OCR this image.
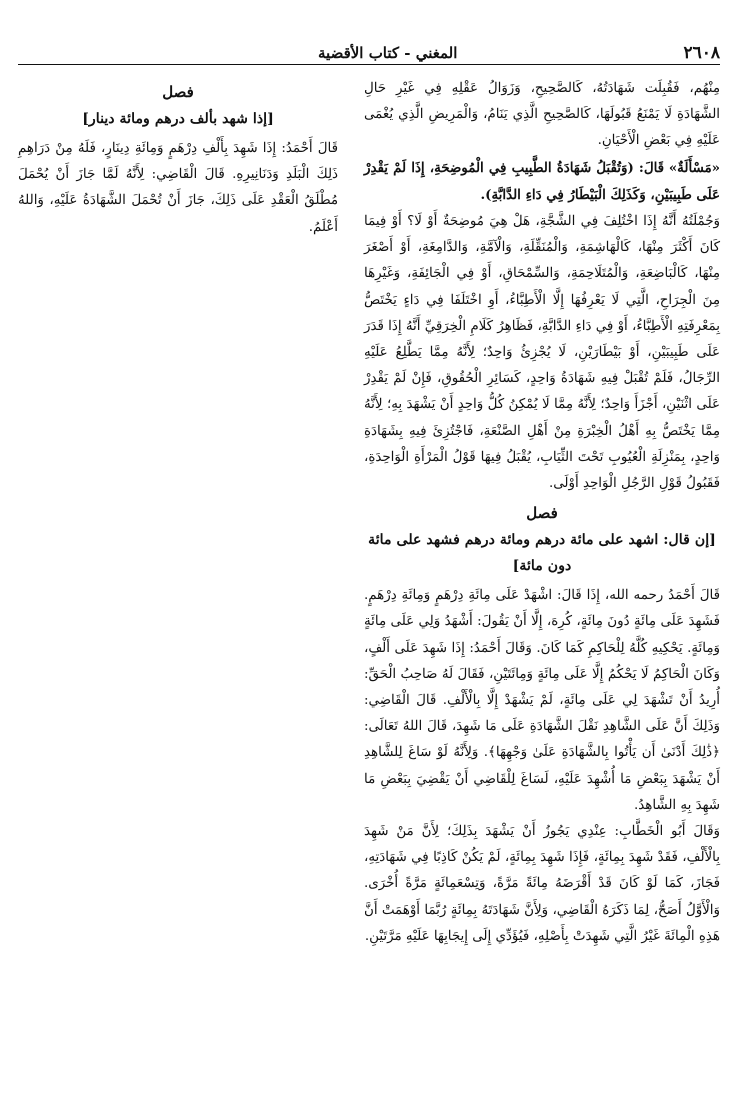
٢٦٠٨
المغني - كتاب الأقضية

مِنْهُم، فَقُبِلَت شَهَادَتُهُ، كَالصَّحِيحِ، وَزَوَالُ عَقْلِهِ فِي غَيْرِ حَالِ الشَّهَادَةِ لَا يَمْنَعُ قَبُولَهَا، كَالصَّحِيحِ الَّذِي يَنَامُ، وَالْمَرِيضِ الَّذِي يُغْمَى عَلَيْهِ فِي بَعْضِ الْأَحْيَانِ.

«مَسْأَلَةٌ» قَالَ: (وَتُقْبَلُ شَهَادَةُ الطَّبِيبِ فِي الْمُوضِحَةِ، إِذَا لَمْ يَقْدِرْ عَلَى طَبِيبَيْنِ، وَكَذَلِكَ الْبَيْطَارُ فِي دَاءِ الدَّابَّةِ).

وَجُمْلَتُهُ أَنَّهُ إِذَا اخْتُلِفَ فِي الشَّجَّةِ، هَلْ هِيَ مُوضِحَةٌ أَوْ لَا؟ أَوْ فِيمَا كَانَ أَكْثَرَ مِنْهَا، كَالْهَاشِمَةِ، وَالْمُنَقِّلَةِ، وَالْآمَّةِ، وَالدَّامِغَةِ، أَوْ أَصْغَرَ مِنْهَا، كَالْبَاضِعَةِ، وَالْمُتَلَاحِمَةِ، وَالسِّمْحَاقِ، أَوْ فِي الْجَائِفَةِ، وَغَيْرِهَا مِنَ الْجِرَاحِ، الَّتِي لَا يَعْرِفُهَا إِلَّا الْأَطِبَّاءُ، أَوِ اخْتَلَفَا فِي دَاءٍ يَخْتَصُّ بِمَعْرِفَتِهِ الْأَطِبَّاءُ، أَوْ فِي دَاءِ الدَّابَّةِ، فَظَاهِرُ كَلَامِ الْخِرَقِيِّ أَنَّهُ إِذَا قَدَرَ عَلَى طَبِيبَيْنِ، أَوْ بَيْطَارَيْنِ، لَا يُجْزِئُ وَاحِدٌ؛ لِأَنَّهُ مِمَّا يَطَّلِعُ عَلَيْهِ الرِّجَالُ، فَلَمْ تُقْبَلْ فِيهِ شَهَادَةُ وَاحِدٍ، كَسَائِرِ الْحُقُوقِ، فَإِنْ لَمْ يَقْدِرْ عَلَى اثْنَيْنِ، أَجْزَأَ وَاحِدٌ؛ لِأَنَّهُ مِمَّا لَا يُمْكِنُ كُلُّ وَاحِدٍ أَنْ يَشْهَدَ بِهِ؛ لِأَنَّهُ مِمَّا يَخْتَصُّ بِهِ أَهْلُ الْخِبْرَةِ مِنْ أَهْلِ الصَّنْعَةِ، فَاجْتُزِئَ فِيهِ بِشَهَادَةِ وَاحِدٍ، بِمَنْزِلَةِ الْعُيُوبِ تَحْتَ الثِّيَابِ، يُقْبَلُ فِيهَا قَوْلُ الْمَرْأَةِ الْوَاحِدَةِ، فَقَبُولُ قَوْلِ الرَّجُلِ الْوَاحِدِ أَوْلَى.

فصل
[إن قال: اشهد على مائة درهم ومائة درهم فشهد على مائة دون مائة]

قَالَ أَحْمَدُ رحمه الله، إِذَا قَالَ: اشْهَدْ عَلَى مِائَةِ دِرْهَمٍ وَمِائَةِ دِرْهَمٍ. فَشَهِدَ عَلَى مِائَةٍ دُونَ مِائَةٍ، كُرِهَ، إِلَّا أَنْ يَقُولَ: أَشْهَدُ وَلِي عَلَى مِائَةٍ وَمِائَةٍ. يَحْكِيهِ كُلَّهُ لِلْحَاكِمِ كَمَا كَانَ. وَقَالَ أَحْمَدُ: إِذَا شَهِدَ عَلَى أَلْفٍ، وَكَانَ الْحَاكِمُ لَا يَحْكُمُ إِلَّا عَلَى مِائَةٍ وَمِائَتَيْنِ، فَقَالَ لَهُ صَاحِبُ الْحَقِّ: أُرِيدُ أَنْ تَشْهَدَ لِي عَلَى مِائَةٍ، لَمْ يَشْهَدْ إِلَّا بِالْأَلْفِ. قَالَ الْقَاضِي: وَذَلِكَ أَنَّ عَلَى الشَّاهِدِ نَقْلَ الشَّهَادَةِ عَلَى مَا شَهِدَ، قَالَ اللهُ تَعَالَى: ﴿ذَٰلِكَ أَدْنَىٰ أَن يَأْتُوا بِالشَّهَادَةِ عَلَىٰ وَجْهِهَا﴾. وَلِأَنَّهُ لَوْ سَاغَ لِلشَّاهِدِ أَنْ يَشْهَدَ بِبَعْضِ مَا أُشْهِدَ عَلَيْهِ، لَسَاغَ لِلْقَاضِي أَنْ يَقْضِيَ بِبَعْضِ مَا شَهِدَ بِهِ الشَّاهِدُ.

وَقَالَ أَبُو الْخَطَّابِ: عِنْدِي يَجُوزُ أَنْ يَشْهَدَ بِذَلِكَ؛ لِأَنَّ مَنْ شَهِدَ بِالْأَلْفِ، فَقَدْ شَهِدَ بِمِائَةٍ، فَإِذَا شَهِدَ بِمِائَةٍ، لَمْ يَكُنْ كَاذِبًا فِي شَهَادَتِهِ، فَجَازَ، كَمَا لَوْ كَانَ قَدْ أَقْرَضَهُ مِائَةً مَرَّةً، وَتِسْعَمِائَةٍ مَرَّةً أُخْرَى. وَالْأَوَّلُ أَصَحُّ، لِمَا ذَكَرَهُ الْقَاضِي، وَلِأَنَّ شَهَادَتَهُ بِمِائَةٍ رُبَّمَا أَوْهَمَتْ أَنَّ هَذِهِ الْمِائَةَ غَيْرُ الَّتِي شَهِدَتْ بِأَصْلِهِ، فَيُؤَدِّي إِلَى إِيجَابِهَا عَلَيْهِ مَرَّتَيْنِ.

فصل
[إذا شهد بألف درهم ومائة دينار]

قَالَ أَحْمَدُ: إِذَا شَهِدَ بِأَلْفِ دِرْهَمٍ وَمِائَةِ دِينَارٍ، فَلَهُ مِنْ دَرَاهِمِ ذَلِكَ الْبَلَدِ وَدَنَانِيرِهِ. قَالَ الْقَاضِي: لِأَنَّهُ لَمَّا جَازَ أَنْ يُحْمَلَ مُطْلَقُ الْعَقْدِ عَلَى ذَلِكَ، جَازَ أَنْ تُحْمَلَ الشَّهَادَةُ عَلَيْهِ، وَاللهُ أَعْلَمُ.
